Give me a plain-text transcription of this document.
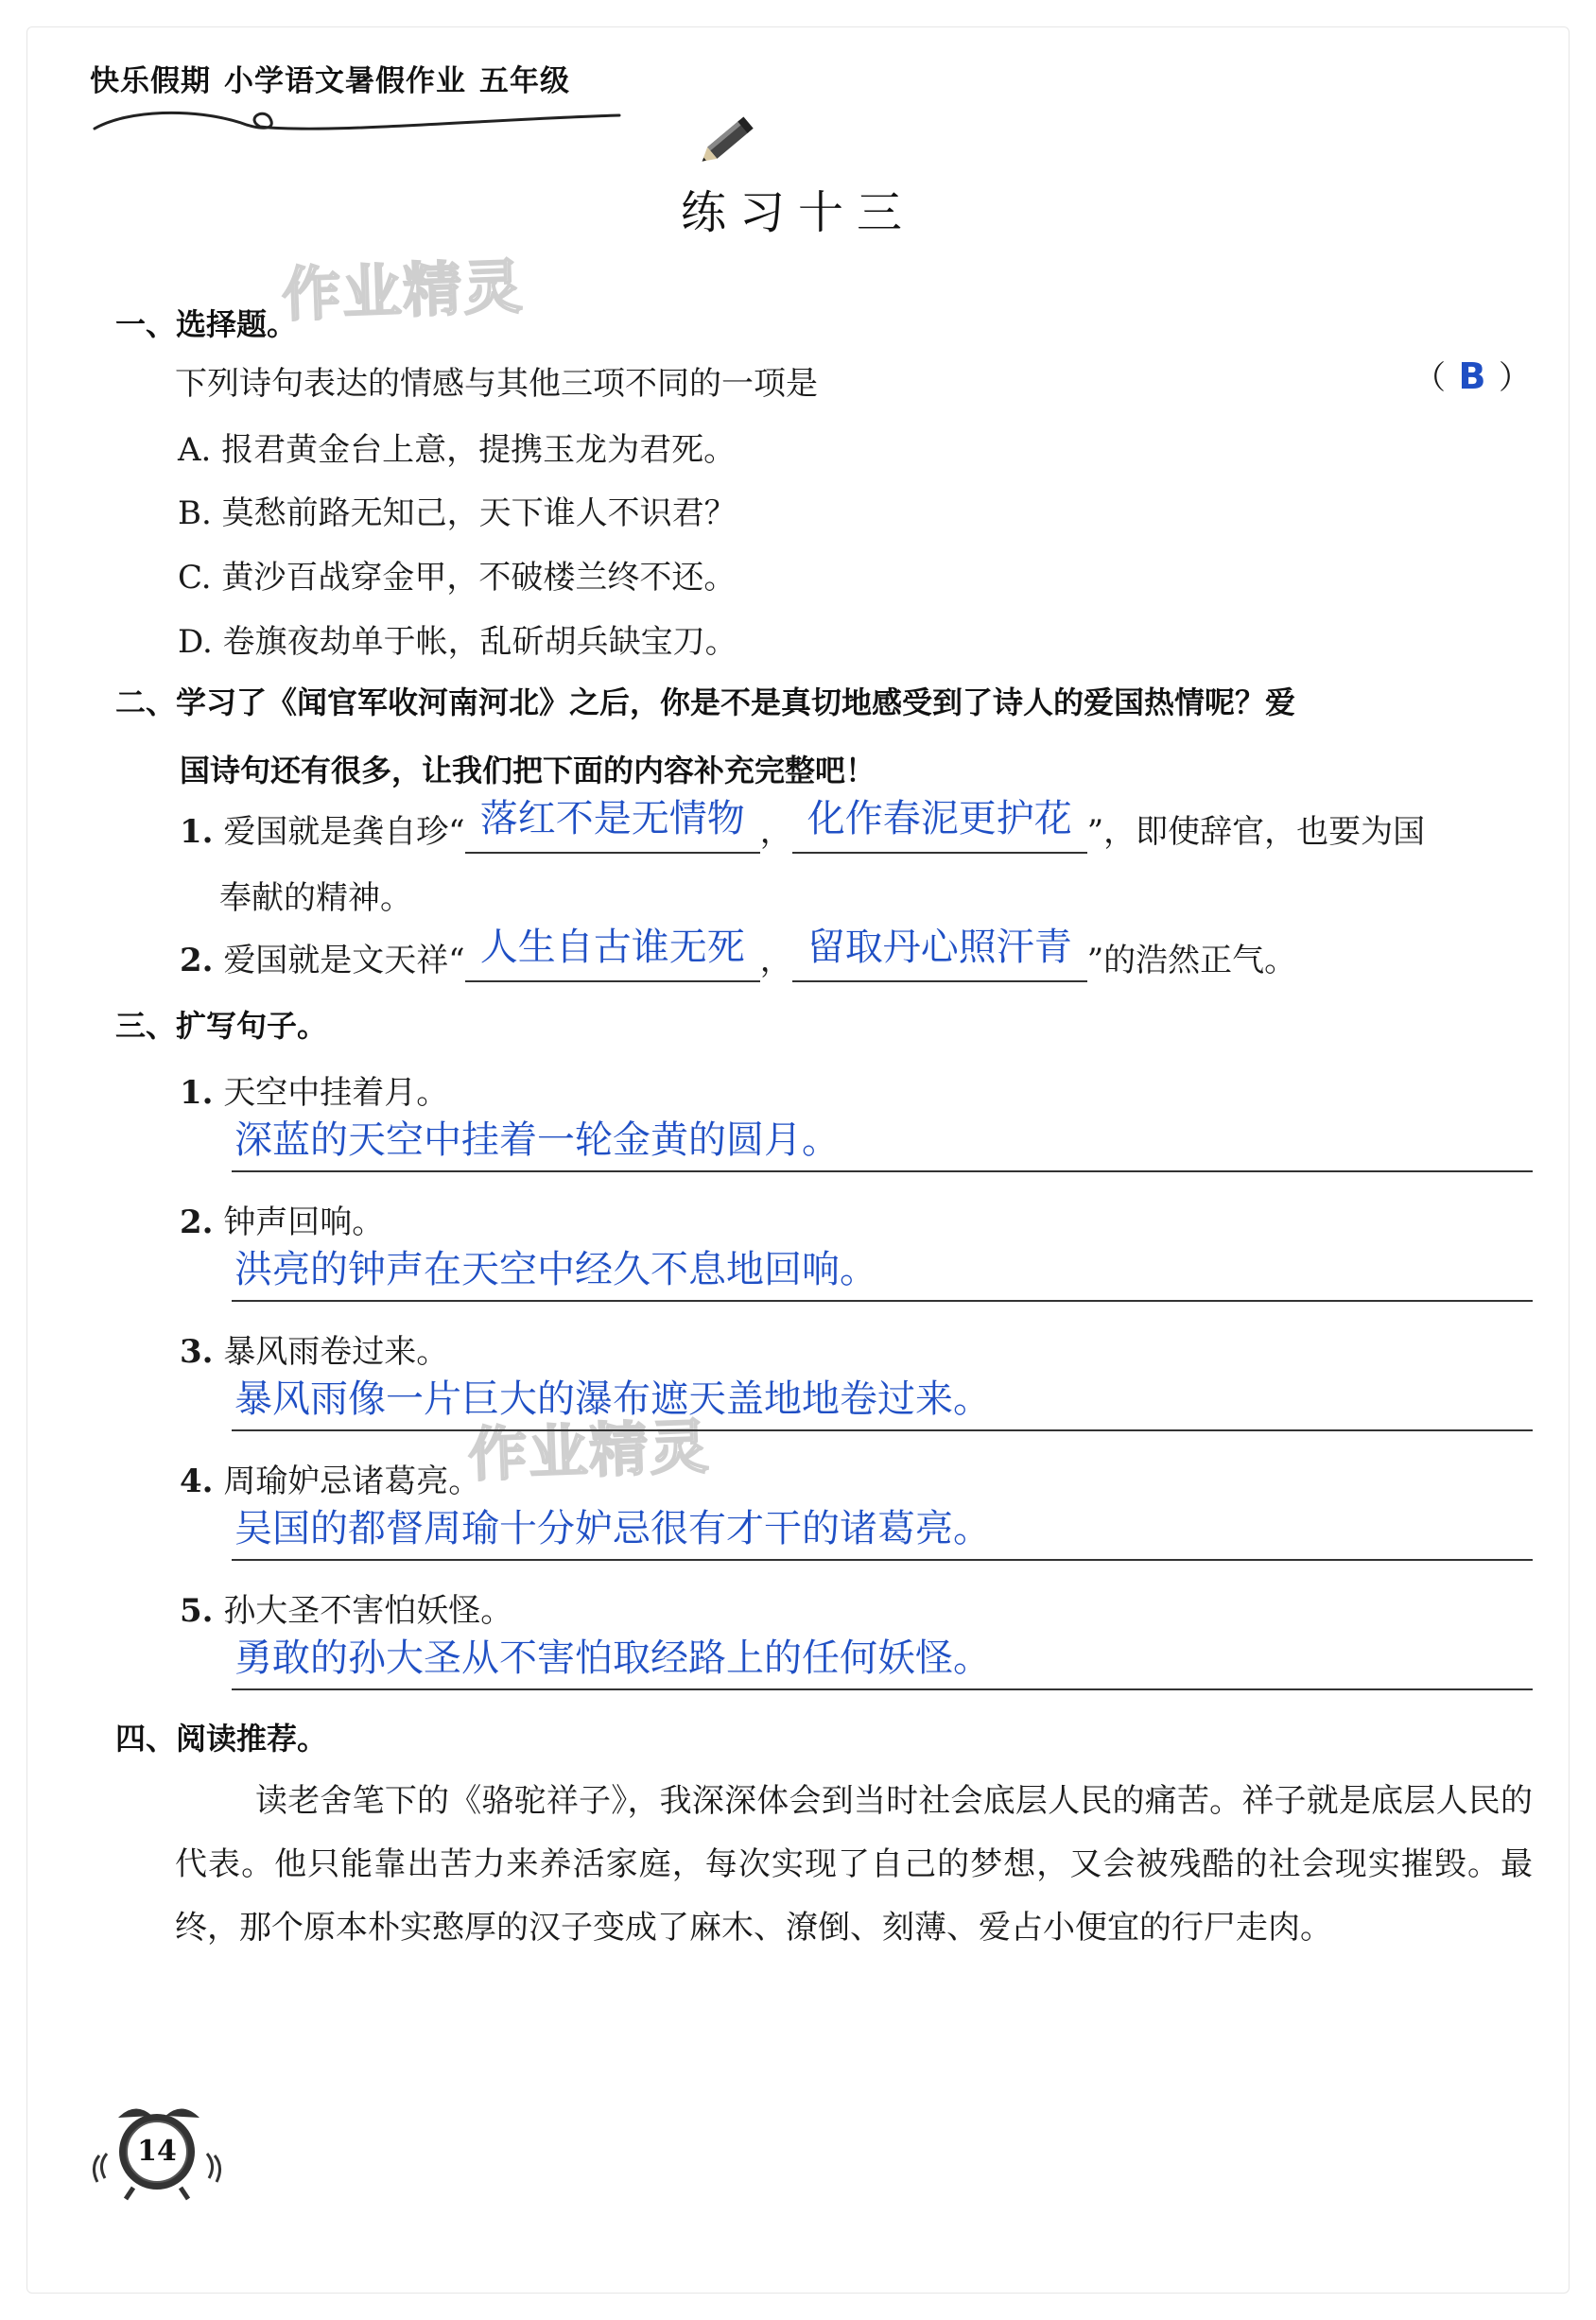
快乐假期 小学语文暑假作业 五年级
练习十三
作业精灵
作业精灵
一、选择题。
下列诗句表达的情感与其他三项不同的一项是	（ B ）
A. 报君黄金台上意，提携玉龙为君死。
B. 莫愁前路无知己，天下谁人不识君？
C. 黄沙百战穿金甲，不破楼兰终不还。
D. 卷旗夜劫单于帐，乱斫胡兵缺宝刀。
二、学习了《闻官军收河南河北》之后，你是不是真切地感受到了诗人的爱国热情呢？爱
国诗句还有很多，让我们把下面的内容补充完整吧！
1. 爱国就是龚自珍“ 落红不是无情物 ， 化作春泥更护花 ”，即使辞官，也要为国
奉献的精神。
2. 爱国就是文天祥“ 人生自古谁无死 ， 留取丹心照汗青 ”的浩然正气。
三、扩写句子。
1. 天空中挂着月。
深蓝的天空中挂着一轮金黄的圆月。
2. 钟声回响。
洪亮的钟声在天空中经久不息地回响。
3. 暴风雨卷过来。
暴风雨像一片巨大的瀑布遮天盖地地卷过来。
4. 周瑜妒忌诸葛亮。
吴国的都督周瑜十分妒忌很有才干的诸葛亮。
5. 孙大圣不害怕妖怪。
勇敢的孙大圣从不害怕取经路上的任何妖怪。
四、阅读推荐。
读老舍笔下的《骆驼祥子》，我深深体会到当时社会底层人民的痛苦。祥子就是底层人民的代表。他只能靠出苦力来养活家庭，每次实现了自己的梦想，又会被残酷的社会现实摧毁。最终，那个原本朴实憨厚的汉子变成了麻木、潦倒、刻薄、爱占小便宜的行尸走肉。
14
